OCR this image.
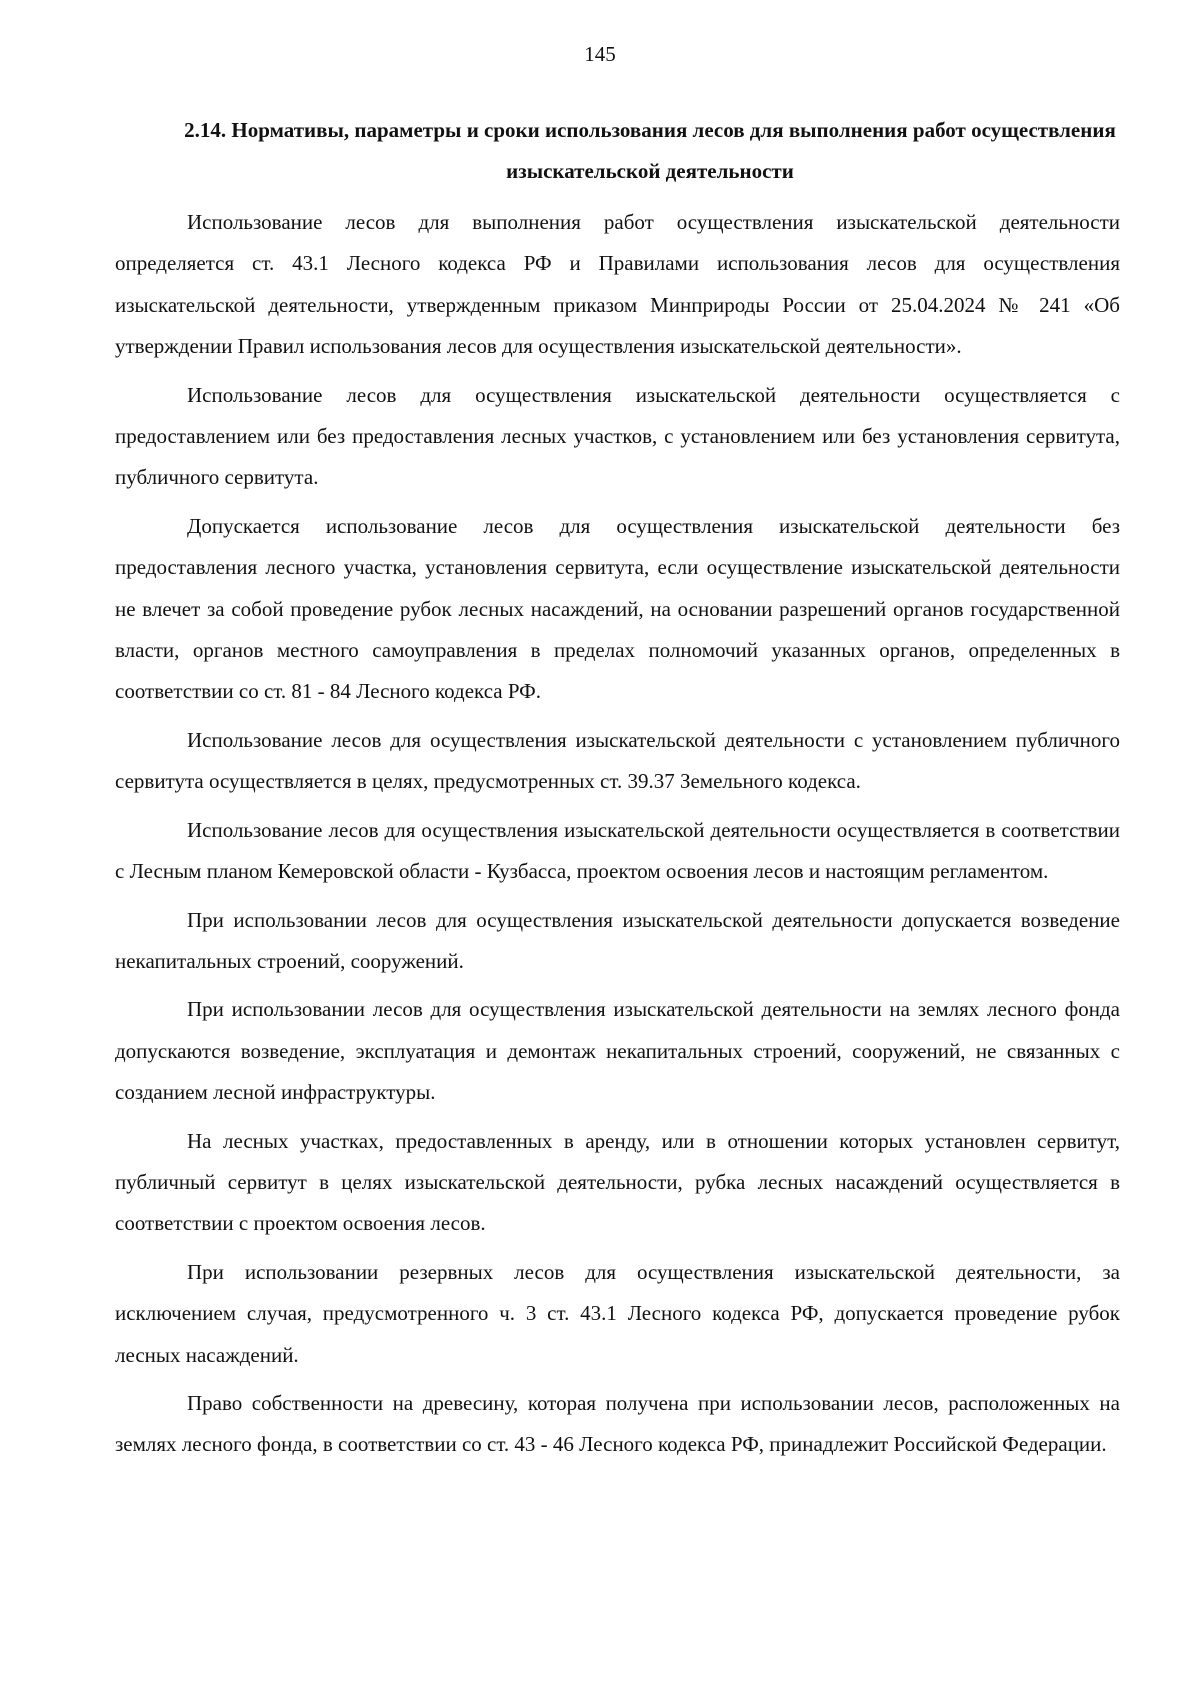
145
2.14. Нормативы, параметры и сроки использования лесов для выполнения работ осуществления изыскательской деятельности

Использование лесов для выполнения работ осуществления изыскательской деятельности определяется ст. 43.1 Лесного кодекса РФ и Правилами использования лесов для осуществления изыскательской деятельности, утвержденным приказом Минприроды России от 25.04.2024 № 241 «Об утверждении Правил использования лесов для осуществления изыскательской деятельности».

Использование лесов для осуществления изыскательской деятельности осуществляется с предоставлением или без предоставления лесных участков, с установлением или без установления сервитута, публичного сервитута.

Допускается использование лесов для осуществления изыскательской деятельности без предоставления лесного участка, установления сервитута, если осуществление изыскательской деятельности не влечет за собой проведение рубок лесных насаждений, на основании разрешений органов государственной власти, органов местного самоуправления в пределах полномочий указанных органов, определенных в соответствии со ст. 81 - 84 Лесного кодекса РФ.

Использование лесов для осуществления изыскательской деятельности с установлением публичного сервитута осуществляется в целях, предусмотренных ст. 39.37 Земельного кодекса.

Использование лесов для осуществления изыскательской деятельности осуществляется в соответствии с Лесным планом Кемеровской области - Кузбасса, проектом освоения лесов и настоящим регламентом.

При использовании лесов для осуществления изыскательской деятельности допускается возведение некапитальных строений, сооружений.

При использовании лесов для осуществления изыскательской деятельности на землях лесного фонда допускаются возведение, эксплуатация и демонтаж некапитальных строений, сооружений, не связанных с созданием лесной инфраструктуры.

На лесных участках, предоставленных в аренду, или в отношении которых установлен сервитут, публичный сервитут в целях изыскательской деятельности, рубка лесных насаждений осуществляется в соответствии с проектом освоения лесов.

При использовании резервных лесов для осуществления изыскательской деятельности, за исключением случая, предусмотренного ч. 3 ст. 43.1 Лесного кодекса РФ, допускается проведение рубок лесных насаждений.

Право собственности на древесину, которая получена при использовании лесов, расположенных на землях лесного фонда, в соответствии со ст. 43 - 46 Лесного кодекса РФ, принадлежит Российской Федерации.
